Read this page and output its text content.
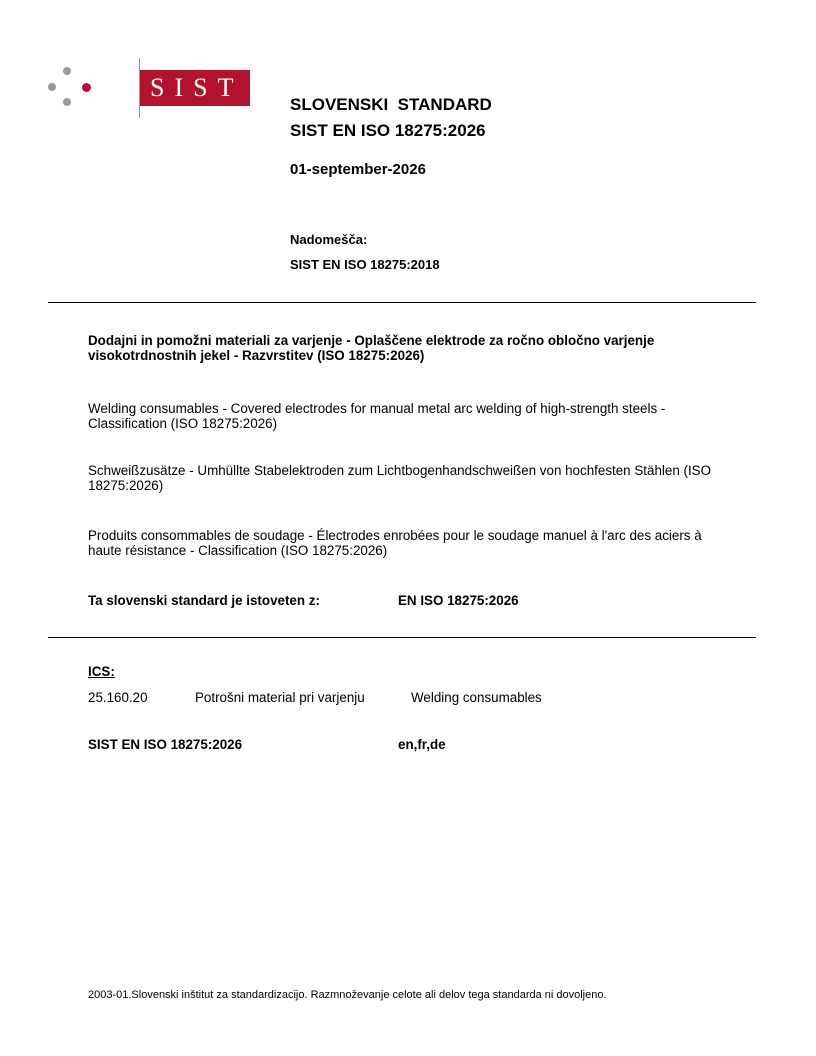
SIST
SLOVENSKI  STANDARD
SIST EN ISO 18275:2026
01-september-2026
Nadomešča:
SIST EN ISO 18275:2018
Dodajni in pomožni materiali za varjenje - Oplaščene elektrode za ročno obločno varjenje visokotrdnostnih jekel - Razvrstitev (ISO 18275:2026)
Welding consumables - Covered electrodes for manual metal arc welding of high-strength steels - Classification (ISO 18275:2026)
Schweißzusätze - Umhüllte Stabelektroden zum Lichtbogenhandschweißen von hochfesten Stählen (ISO 18275:2026)
Produits consommables de soudage - Électrodes enrobées pour le soudage manuel à l'arc des aciers à haute résistance - Classification (ISO 18275:2026)
Ta slovenski standard je istoveten z:	EN ISO 18275:2026
ICS:
25.160.20	Potrošni material pri varjenju	Welding consumables
SIST EN ISO 18275:2026	en,fr,de
2003-01.Slovenski inštitut za standardizacijo. Razmnoževanje celote ali delov tega standarda ni dovoljeno.
